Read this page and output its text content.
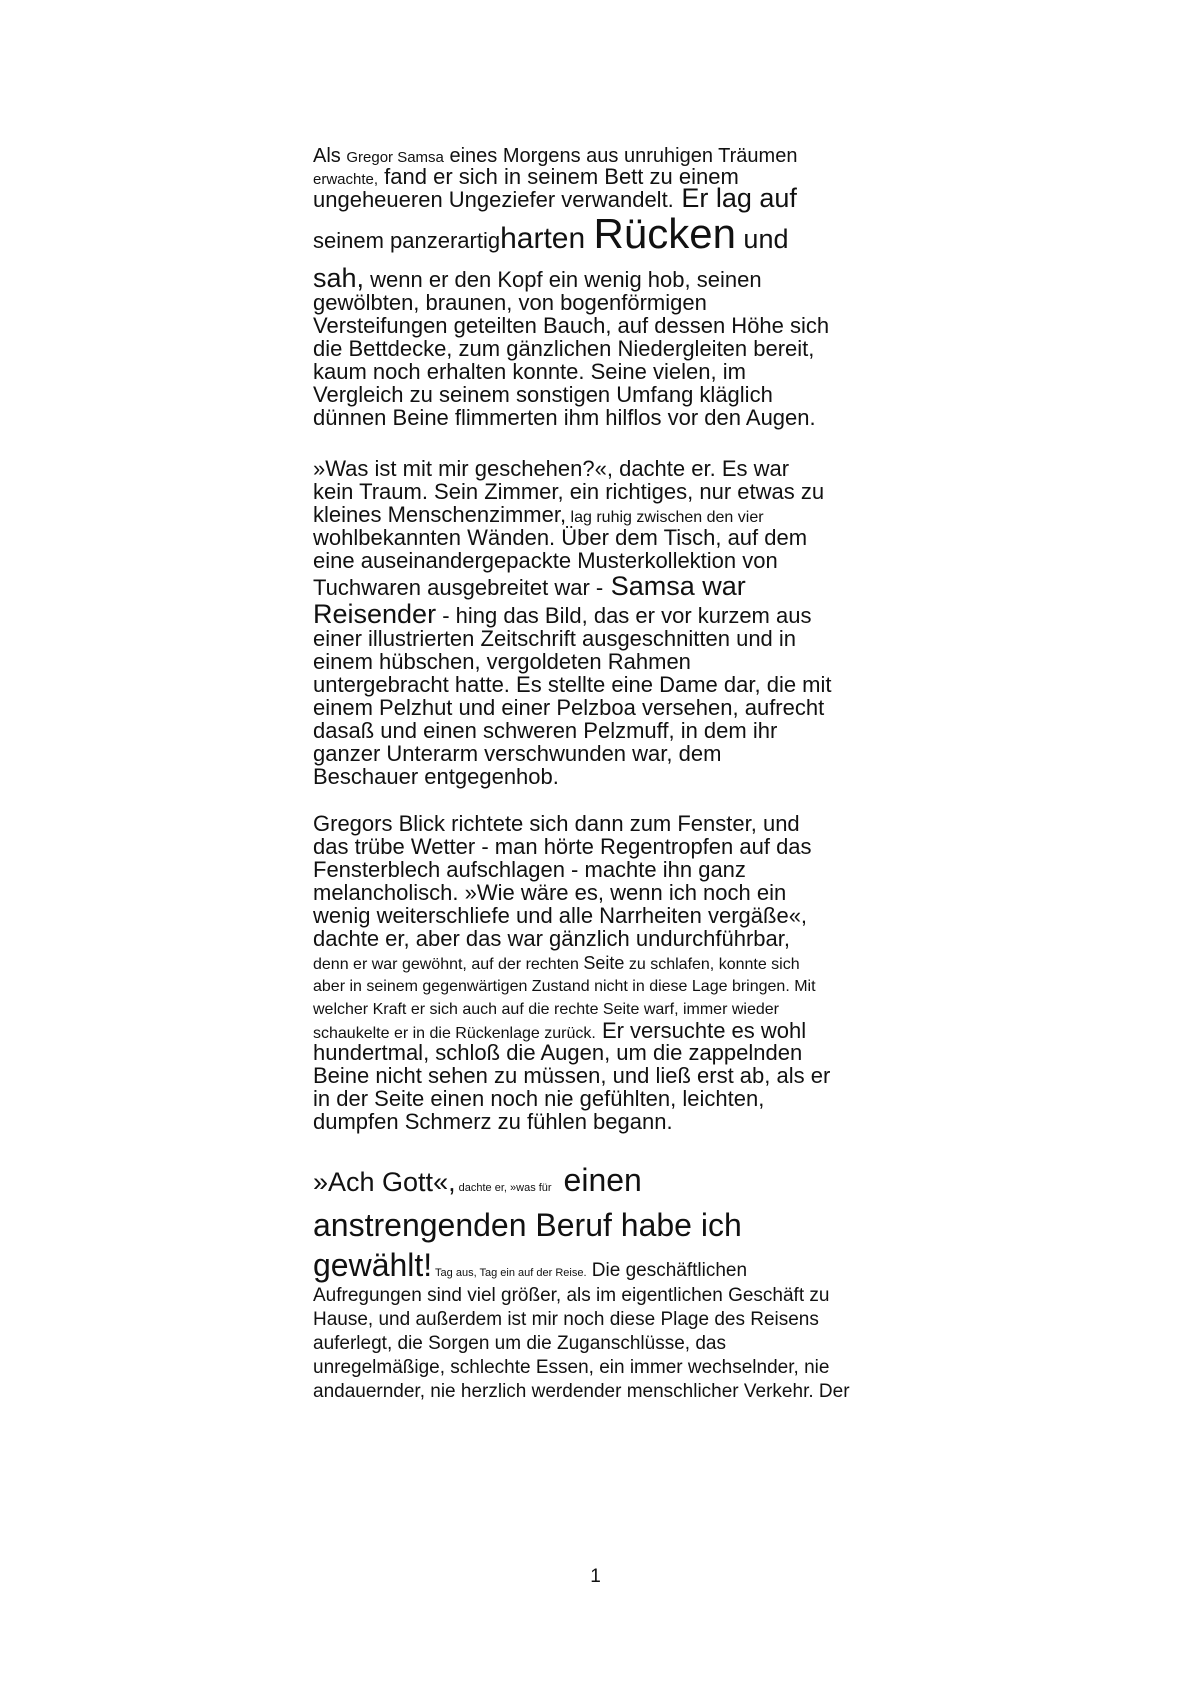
Als Gregor Samsa eines Morgens aus unruhigen Träumen
erwachte, fand er sich in seinem Bett zu einem
ungeheueren Ungeziefer verwandelt. Er lag auf
seinem panzerartigharten Rücken und
sah, wenn er den Kopf ein wenig hob, seinen
gewölbten, braunen, von bogenförmigen
Versteifungen geteilten Bauch, auf dessen Höhe sich
die Bettdecke, zum gänzlichen Niedergleiten bereit,
kaum noch erhalten konnte. Seine vielen, im
Vergleich zu seinem sonstigen Umfang kläglich
dünnen Beine flimmerten ihm hilflos vor den Augen.
»Was ist mit mir geschehen?«, dachte er. Es war
kein Traum. Sein Zimmer, ein richtiges, nur etwas zu
kleines Menschenzimmer, lag ruhig zwischen den vier
wohlbekannten Wänden. Über dem Tisch, auf dem
eine auseinandergepackte Musterkollektion von
Tuchwaren ausgebreitet war - Samsa war
Reisender - hing das Bild, das er vor kurzem aus
einer illustrierten Zeitschrift ausgeschnitten und in
einem hübschen, vergoldeten Rahmen
untergebracht hatte. Es stellte eine Dame dar, die mit
einem Pelzhut und einer Pelzboa versehen, aufrecht
dasaß und einen schweren Pelzmuff, in dem ihr
ganzer Unterarm verschwunden war, dem
Beschauer entgegenhob.
Gregors Blick richtete sich dann zum Fenster, und
das trübe Wetter - man hörte Regentropfen auf das
Fensterblech aufschlagen - machte ihn ganz
melancholisch. »Wie wäre es, wenn ich noch ein
wenig weiterschliefe und alle Narrheiten vergäße«,
dachte er, aber das war gänzlich undurchführbar,
denn er war gewöhnt, auf der rechten Seite zu schlafen, konnte sich
aber in seinem gegenwärtigen Zustand nicht in diese Lage bringen. Mit
welcher Kraft er sich auch auf die rechte Seite warf, immer wieder
schaukelte er in die Rückenlage zurück. Er versuchte es wohl
hundertmal, schloß die Augen, um die zappelnden
Beine nicht sehen zu müssen, und ließ erst ab, als er
in der Seite einen noch nie gefühlten, leichten,
dumpfen Schmerz zu fühlen begann.
»Ach Gott«, dachte er, »was für  einen
anstrengenden Beruf habe ich
gewählt! Tag aus, Tag ein auf der Reise. Die geschäftlichen
Aufregungen sind viel größer, als im eigentlichen Geschäft zu
Hause, und außerdem ist mir noch diese Plage des Reisens
auferlegt, die Sorgen um die Zuganschlüsse, das
unregelmäßige, schlechte Essen, ein immer wechselnder, nie
andauernder, nie herzlich werdender menschlicher Verkehr. Der
1
